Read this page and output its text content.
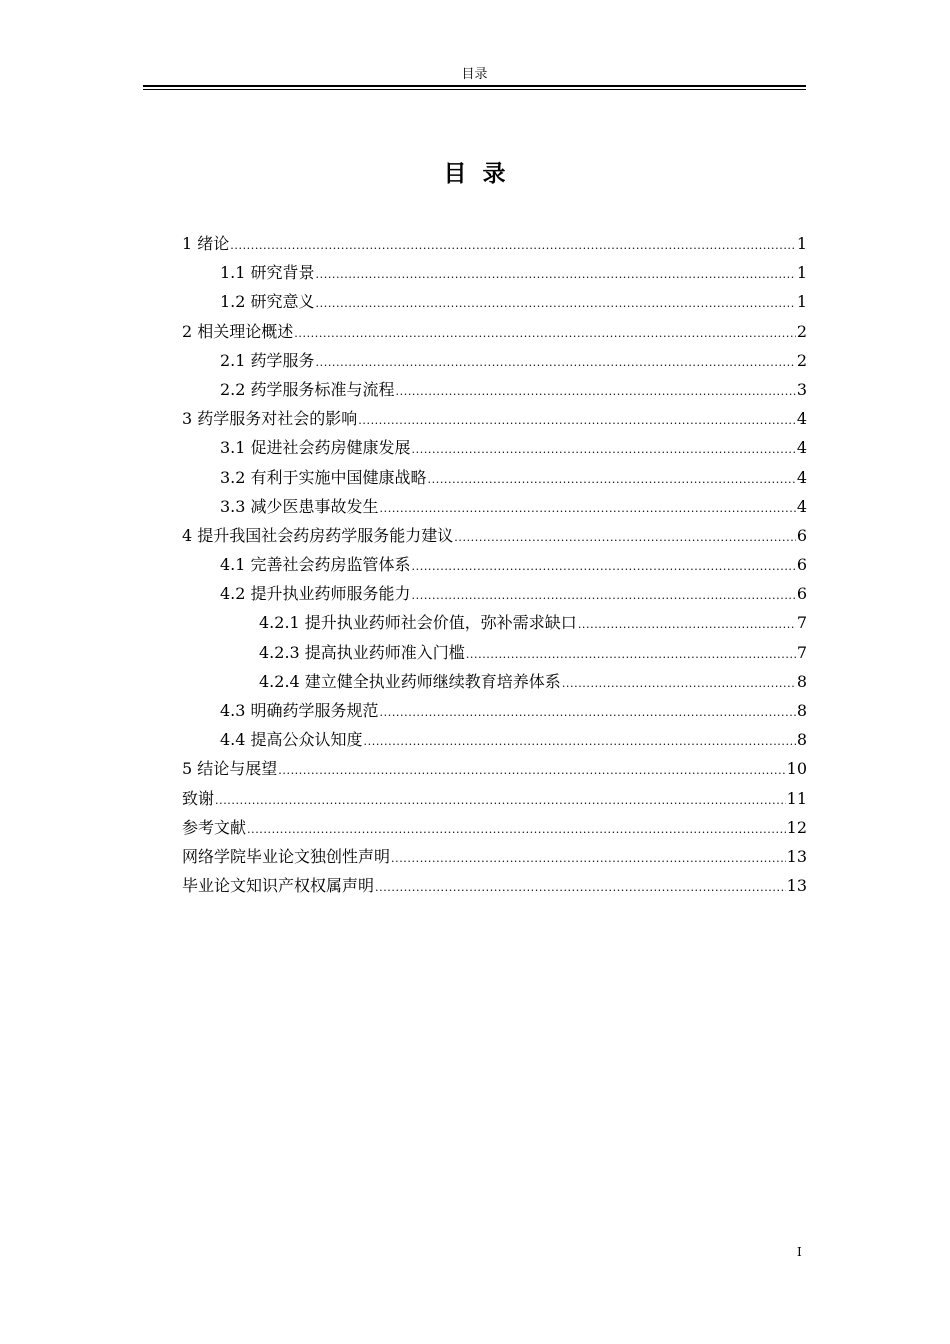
目录
目  录
1 绪论 .....	1
1.1 研究背景 .....	1
1.2 研究意义 .....	1
2 相关理论概述 .....	2
2.1 药学服务 .....	2
2.2 药学服务标准与流程 .....	3
3 药学服务对社会的影响 .....	4
3.1 促进社会药房健康发展 .....	4
3.2 有利于实施中国健康战略 .....	4
3.3 减少医患事故发生 .....	4
4 提升我国社会药房药学服务能力建议 .....	6
4.1 完善社会药房监管体系 .....	6
4.2 提升执业药师服务能力 .....	6
4.2.1 提升执业药师社会价值，弥补需求缺口 .....	7
4.2.3 提高执业药师准入门槛 .....	7
4.2.4 建立健全执业药师继续教育培养体系 .....	8
4.3 明确药学服务规范 .....	8
4.4 提高公众认知度 .....	8
5 结论与展望 .....	10
致谢 .....	11
参考文献 .....	12
网络学院毕业论文独创性声明 .....	13
毕业论文知识产权权属声明 .....	13
I
